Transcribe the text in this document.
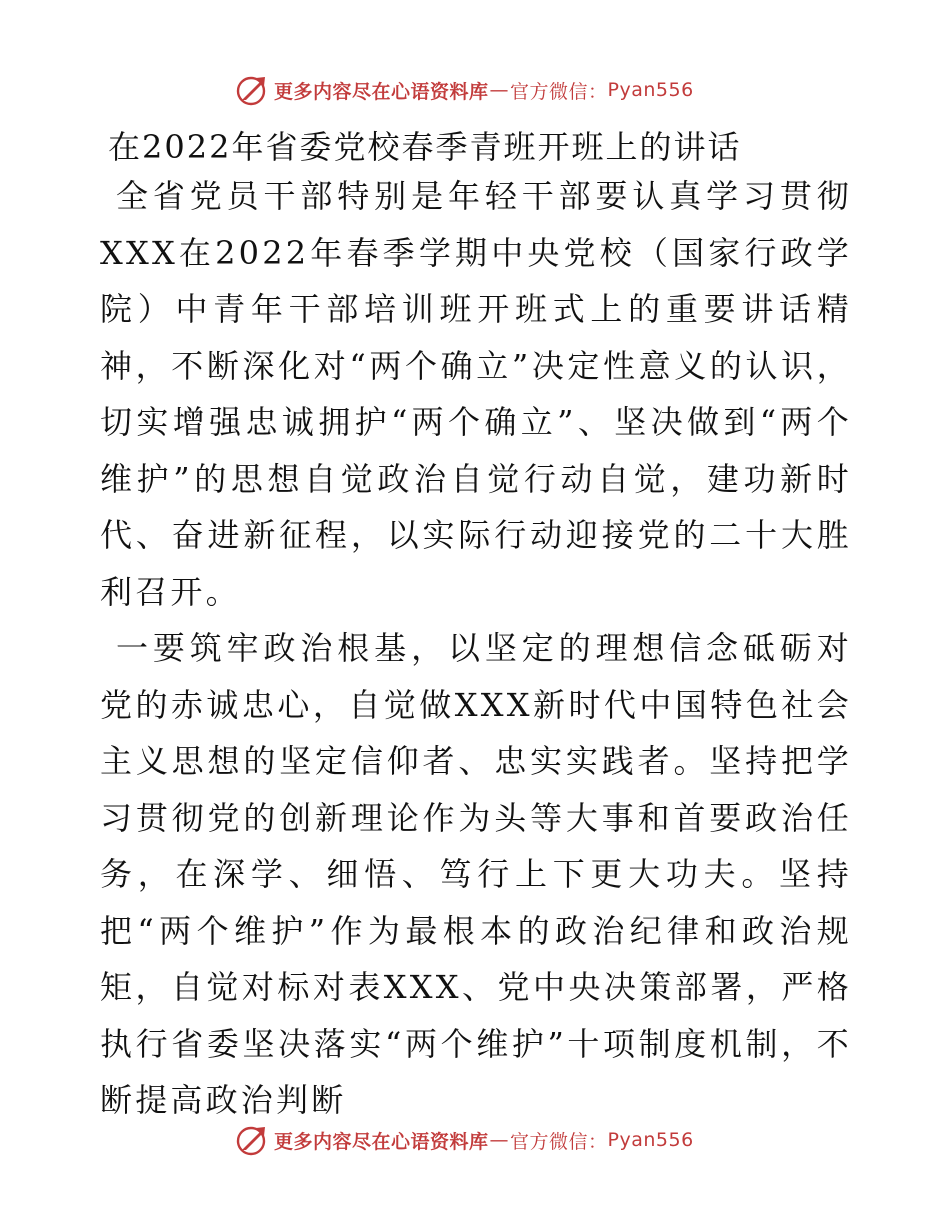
更多内容尽在心语资料库 — 官方微信： Pyan556
在2022年省委党校春季青班开班上的讲话

全省党员干部特别是年轻干部要认真学习贯彻XXX在2022年春季学期中央党校（国家行政学院）中青年干部培训班开班式上的重要讲话精神，不断深化对“两个确立”决定性意义的认识，切实增强忠诚拥护“两个确立”、坚决做到“两个维护”的思想自觉政治自觉行动自觉，建功新时代、奋进新征程，以实际行动迎接党的二十大胜利召开。

一要筑牢政治根基，以坚定的理想信念砥砺对党的赤诚忠心，自觉做XXX新时代中国特色社会主义思想的坚定信仰者、忠实实践者。坚持把学习贯彻党的创新理论作为头等大事和首要政治任务，在深学、细悟、笃行上下更大功夫。坚持把“两个维护”作为最根本的政治纪律和政治规矩，自觉对标对表XXX、党中央决策部署，严格执行省委坚决落实“两个维护”十项制度机制，不断提高政治判断

更多内容尽在心语资料库 — 官方微信： Pyan556
